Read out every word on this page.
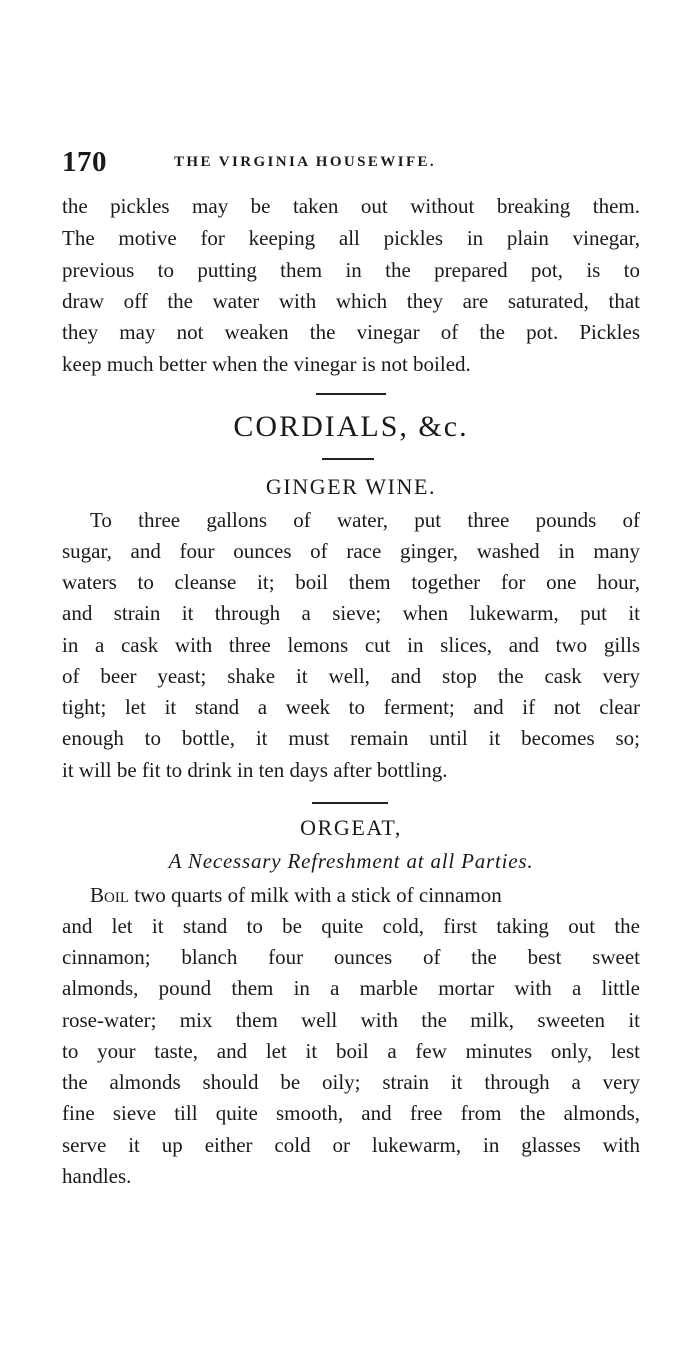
170	THE VIRGINIA HOUSEWIFE.
the pickles may be taken out without breaking them.
The motive for keeping all pickles in plain vinegar,
previous to putting them in the prepared pot, is to
draw off the water with which they are saturated, that
they may not weaken the vinegar of the pot. Pickles
keep much better when the vinegar is not boiled.
CORDIALS, &c.
GINGER WINE.
To three gallons of water, put three pounds of
sugar, and four ounces of race ginger, washed in many
waters to cleanse it; boil them together for one hour,
and strain it through a sieve; when lukewarm, put it
in a cask with three lemons cut in slices, and two gills
of beer yeast; shake it well, and stop the cask very
tight; let it stand a week to ferment; and if not clear
enough to bottle, it must remain until it becomes so;
it will be fit to drink in ten days after bottling.
ORGEAT,
A Necessary Refreshment at all Parties.
Boil two quarts of milk with a stick of cinnamon
and let it stand to be quite cold, first taking out the
cinnamon; blanch four ounces of the best sweet
almonds, pound them in a marble mortar with a little
rose-water; mix them well with the milk, sweeten it
to your taste, and let it boil a few minutes only, lest
the almonds should be oily; strain it through a very
fine sieve till quite smooth, and free from the almonds,
serve it up either cold or lukewarm, in glasses with
handles.
